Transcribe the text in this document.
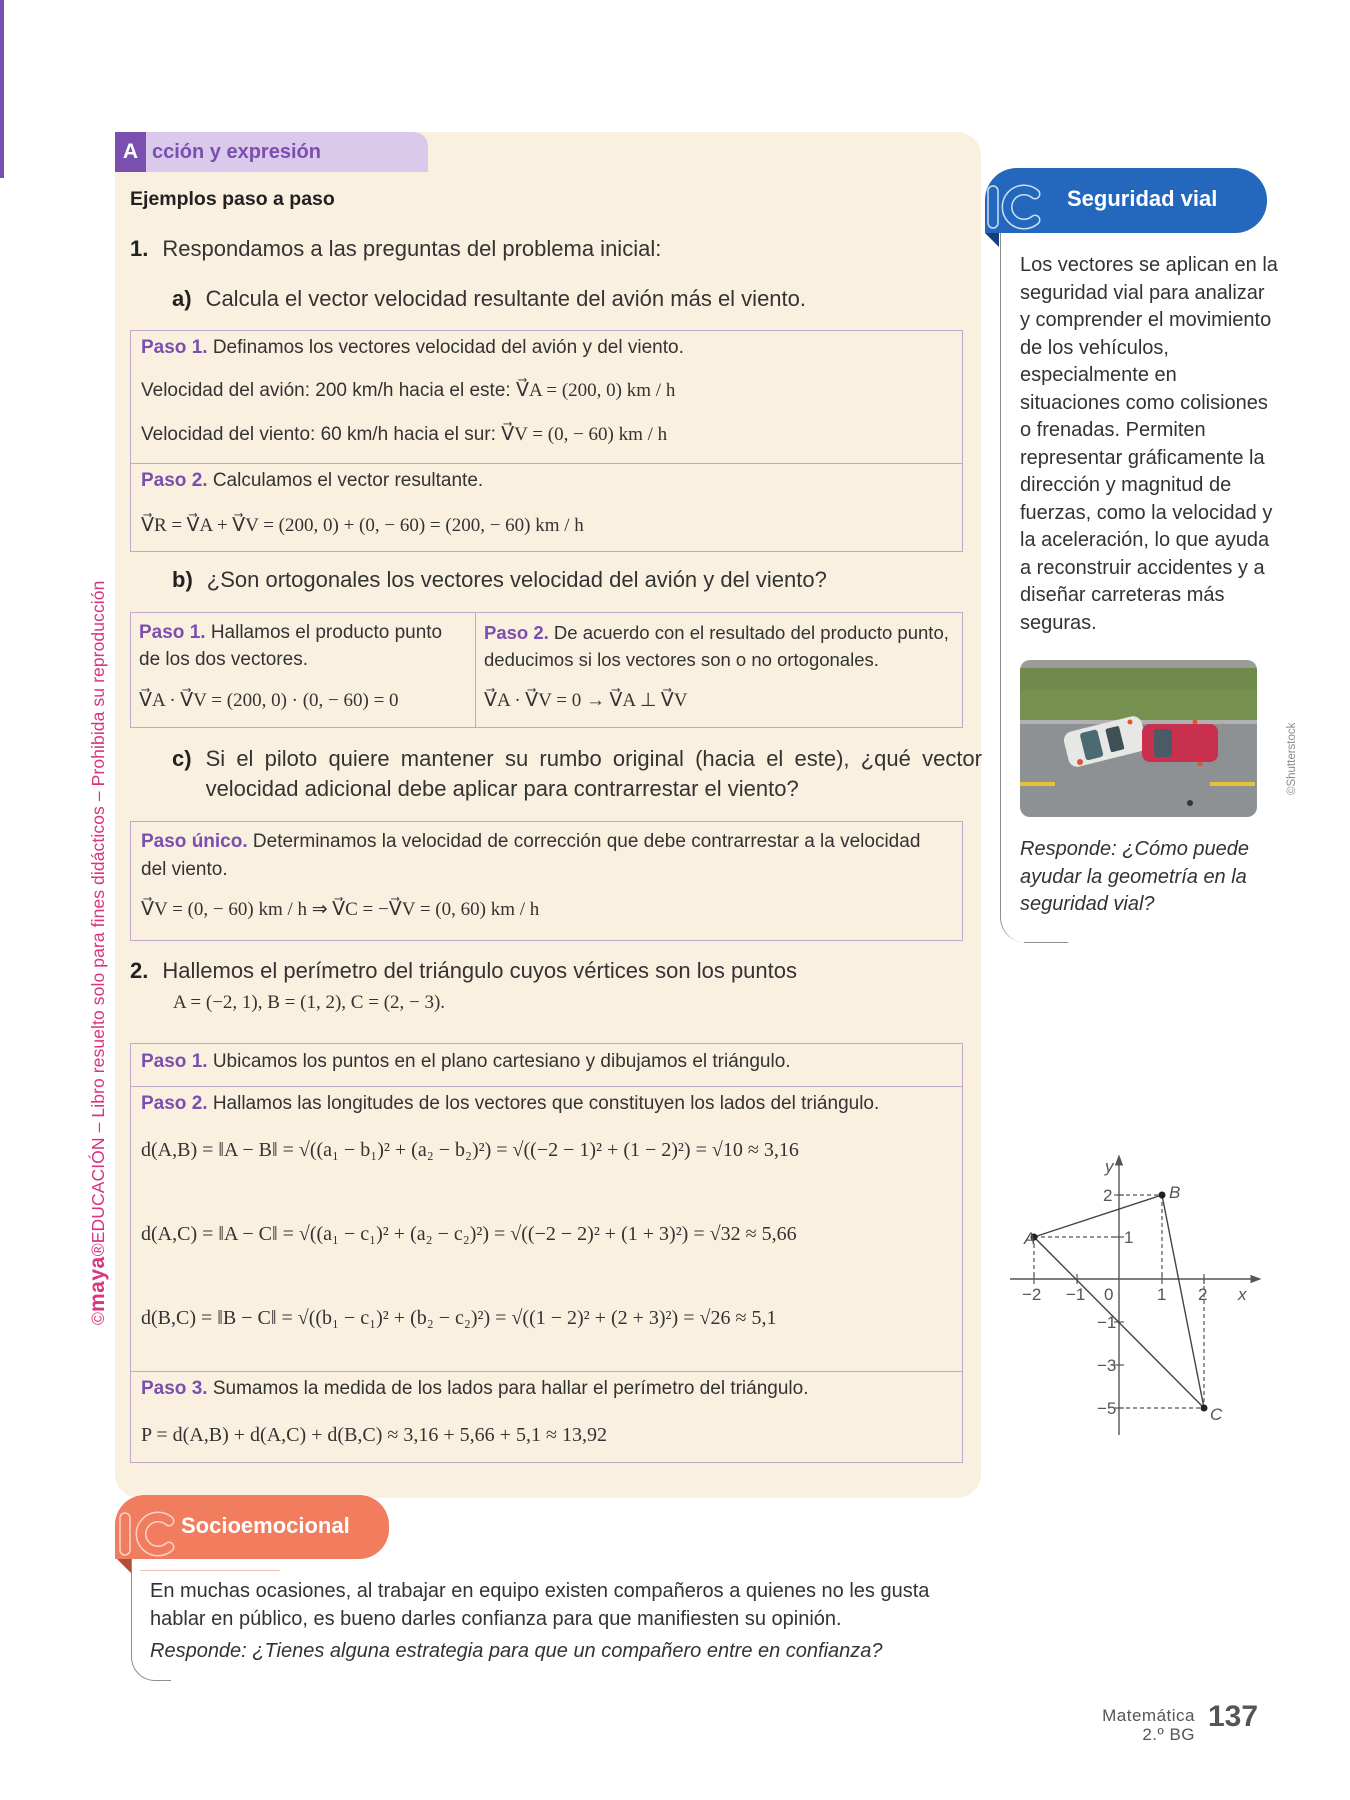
©maya®EDUCACIÓN – Libro resuelto solo para fines didácticos – Prohibida su reproducción
A cción y expresión
Ejemplos paso a paso
1. Respondamos a las preguntas del problema inicial:
a) Calcula el vector velocidad resultante del avión más el viento.
Paso 1. Definamos los vectores velocidad del avión y del viento.
Velocidad del avión: 200 km/h hacia el este: V⃗A = (200, 0) km / h
Velocidad del viento: 60 km/h hacia el sur: V⃗V = (0, − 60) km / h
Paso 2. Calculamos el vector resultante.
V⃗R = V⃗A + V⃗V = (200, 0) + (0, − 60) = (200, − 60) km / h
b) ¿Son ortogonales los vectores velocidad del avión y del viento?
Paso 1. Hallamos el producto punto de los dos vectores.
V⃗A · V⃗V = (200, 0) · (0, − 60) = 0
Paso 2. De acuerdo con el resultado del producto punto, deducimos si los vectores son o no ortogonales.
V⃗A · V⃗V = 0 → V⃗A ⊥ V⃗V
c) Si el piloto quiere mantener su rumbo original (hacia el este), ¿qué vector velocidad adicional debe aplicar para contrarrestar el viento?
Paso único. Determinamos la velocidad de corrección que debe contrarrestar a la velocidad del viento.
V⃗V = (0, − 60) km / h ⇒ V⃗C = −V⃗V = (0, 60) km / h
2. Hallemos el perímetro del triángulo cuyos vértices son los puntos
A = (−2, 1), B = (1, 2), C = (2, − 3).
Paso 1. Ubicamos los puntos en el plano cartesiano y dibujamos el triángulo.
Paso 2. Hallamos las longitudes de los vectores que constituyen los lados del triángulo.
d(A,B) = ‖A − B‖ = √((a₁ − b₁)² + (a₂ − b₂)²) = √((−2 − 1)² + (1 − 2)²) = √10 ≈ 3,16
d(A,C) = ‖A − C‖ = √((a₁ − c₁)² + (a₂ − c₂)²) = √((−2 − 2)² + (1 + 3)²) = √32 ≈ 5,66
d(B,C) = ‖B − C‖ = √((b₁ − c₁)² + (b₂ − c₂)²) = √((1 − 2)² + (2 + 3)²) = √26 ≈ 5,1
Paso 3. Sumamos la medida de los lados para hallar el perímetro del triángulo.
P = d(A,B) + d(A,C) + d(B,C) ≈ 3,16 + 5,66 + 5,1 ≈ 13,92
Seguridad vial
Los vectores se aplican en la seguridad vial para analizar y comprender el movimiento de los vehículos, especialmente en situaciones como colisiones o frenadas. Permiten representar gráficamente la dirección y magnitud de fuerzas, como la velocidad y la aceleración, lo que ayuda a reconstruir accidentes y a diseñar carreteras más seguras.
©Shutterstock
Responde: ¿Cómo puede ayudar la geometría en la seguridad vial?
A
B
C
x
y
−2 −1 0	1 2
2
1
−1
−3
−5
Socioemocional
En muchas ocasiones, al trabajar en equipo existen compañeros a quienes no les gusta hablar en público, es bueno darles confianza para que manifiesten su opinión.
Responde: ¿Tienes alguna estrategia para que un compañero entre en confianza?
Matemática
2.º BG
137
